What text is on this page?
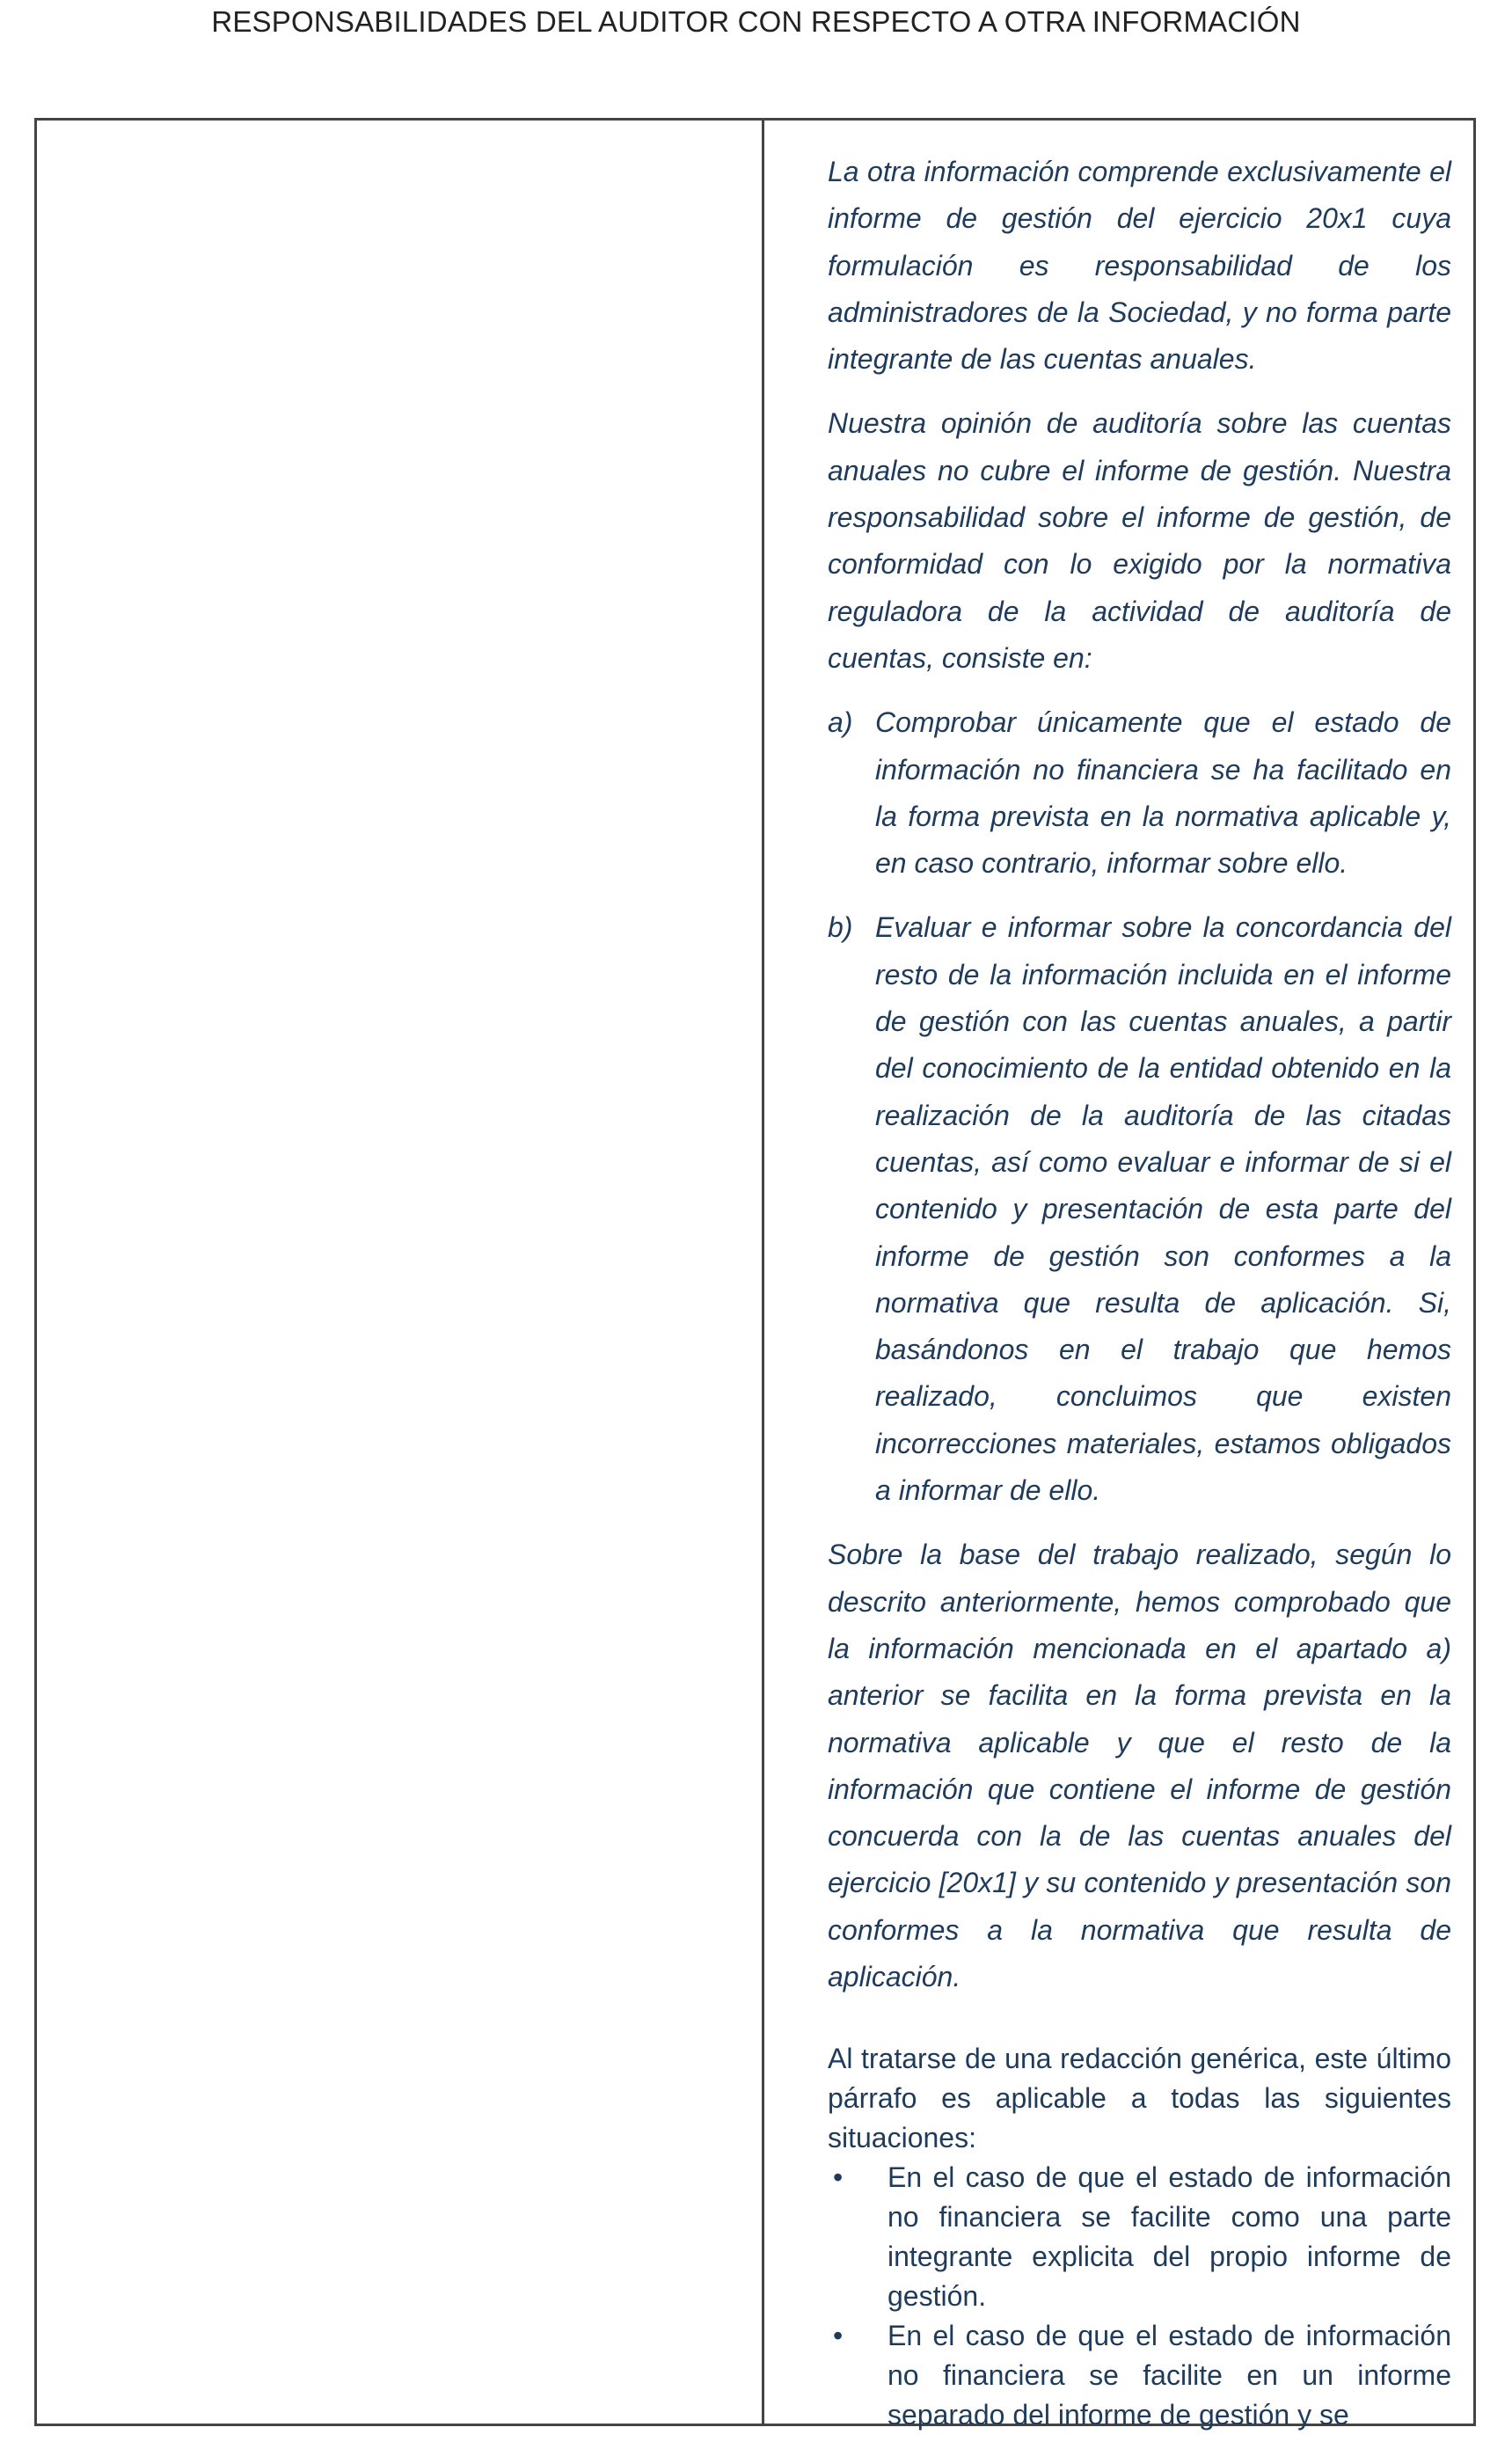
RESPONSABILIDADES DEL AUDITOR CON RESPECTO A OTRA INFORMACIÓN

La otra información comprende exclusivamente el informe de gestión del ejercicio 20x1 cuya formulación es responsabilidad de los administradores de la Sociedad, y no forma parte integrante de las cuentas anuales.

Nuestra opinión de auditoría sobre las cuentas anuales no cubre el informe de gestión. Nuestra responsabilidad sobre el informe de gestión, de conformidad con lo exigido por la normativa reguladora de la actividad de auditoría de cuentas, consiste en:

a) Comprobar únicamente que el estado de información no financiera se ha facilitado en la forma prevista en la normativa aplicable y, en caso contrario, informar sobre ello.
b) Evaluar e informar sobre la concordancia del resto de la información incluida en el informe de gestión con las cuentas anuales, a partir del conocimiento de la entidad obtenido en la realización de la auditoría de las citadas cuentas, así como evaluar e informar de si el contenido y presentación de esta parte del informe de gestión son conformes a la normativa que resulta de aplicación. Si, basándonos en el trabajo que hemos realizado, concluimos que existen incorrecciones materiales, estamos obligados a informar de ello.

Sobre la base del trabajo realizado, según lo descrito anteriormente, hemos comprobado que la información mencionada en el apartado a) anterior se facilita en la forma prevista en la normativa aplicable y que el resto de la información que contiene el informe de gestión concuerda con la de las cuentas anuales del ejercicio [20x1] y su contenido y presentación son conformes a la normativa que resulta de aplicación.

Al tratarse de una redacción genérica, este último párrafo es aplicable a todas las siguientes situaciones:

•	En el caso de que el estado de información no financiera se facilite como una parte integrante explicita del propio informe de gestión.
•	En el caso de que el estado de información no financiera se facilite en un informe separado del informe de gestión y se
